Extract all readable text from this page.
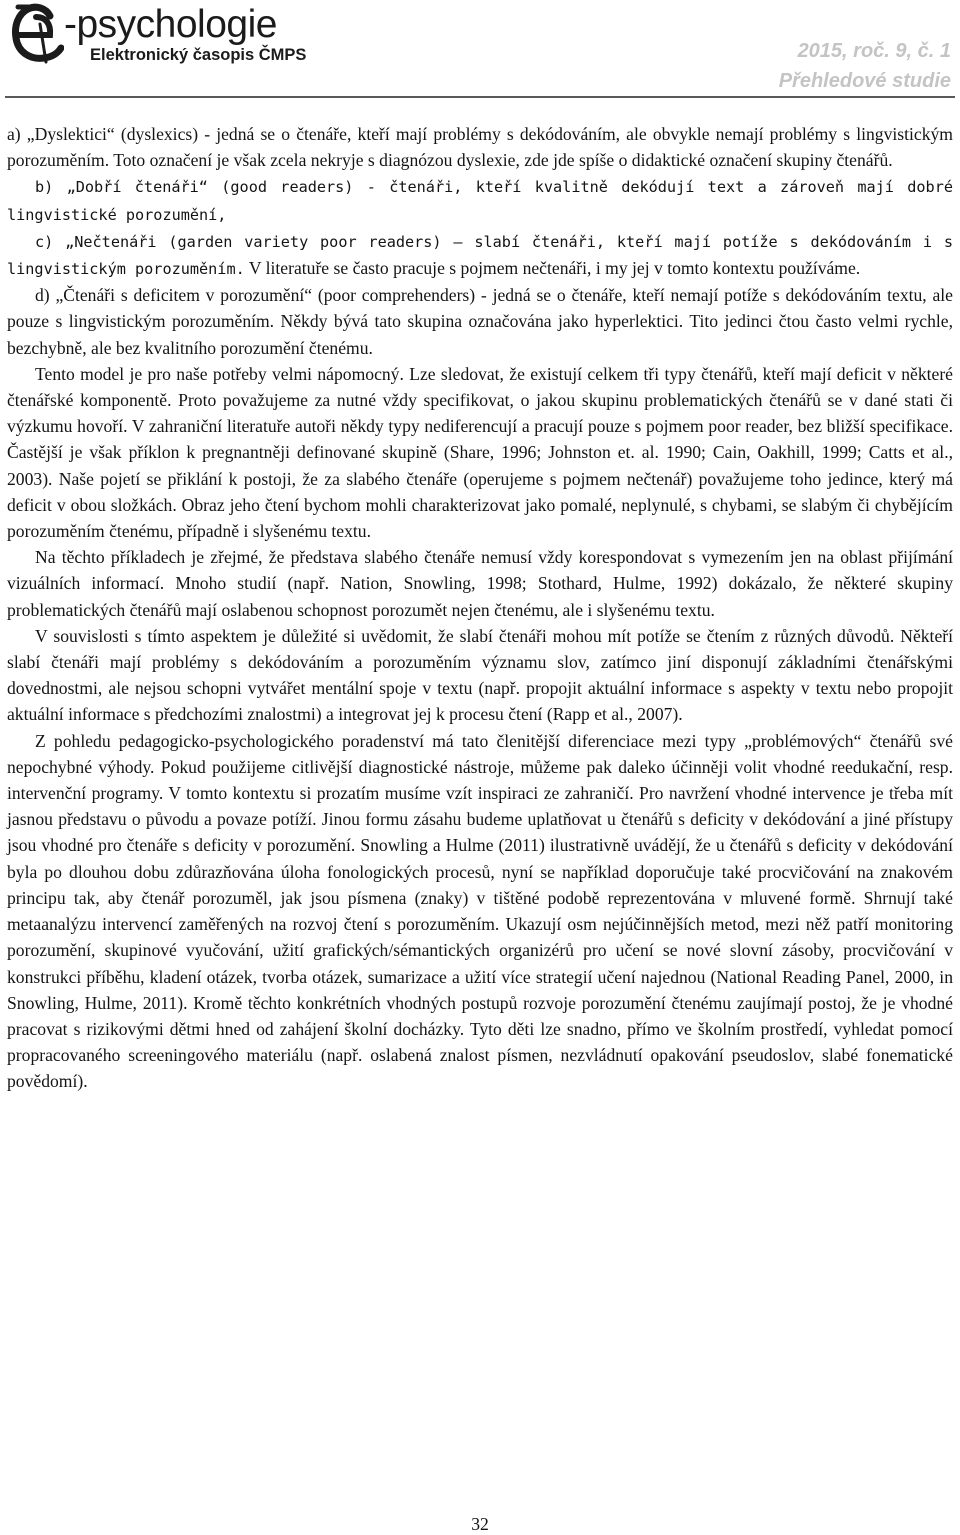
-psychologie
Elektronický časopis ČMPS	2015, roč. 9, č. 1
Přehledové studie

a) „Dyslektici“ (dyslexics) - jedná se o čtenáře, kteří mají problémy s dekódováním, ale obvykle nemají problémy s lingvistickým porozuměním. Toto označení je však zcela nekryje s diagnózou dyslexie, zde jde spíše o didaktické označení skupiny čtenářů.

b) „Dobří čtenáři“ (good readers) - čtenáři, kteří kvalitně dekódují text a zároveň mají dobré lingvistické porozumění,

c) „Nečtenáři (garden variety poor readers) – slabí čtenáři, kteří mají potíže s dekódováním i s lingvistickým porozuměním. V literatuře se často pracuje s pojmem nečtenáři, i my jej v tomto kontextu používáme.

d) „Čtenáři s deficitem v porozumění“ (poor comprehenders) - jedná se o čtenáře, kteří nemají potíže s dekódováním textu, ale pouze s lingvistickým porozuměním. Někdy bývá tato skupina označována jako hyperlektici. Tito jedinci čtou často velmi rychle, bezchybně, ale bez kvalitního porozumění čtenému.

Tento model je pro naše potřeby velmi nápomocný. Lze sledovat, že existují celkem tři typy čtenářů, kteří mají deficit v některé čtenářské komponentě. Proto považujeme za nutné vždy specifikovat, o jakou skupinu problematických čtenářů se v dané stati či výzkumu hovoří. V zahraniční literatuře autoři někdy typy nediferencují a pracují pouze s pojmem poor reader, bez bližší specifikace. Častější je však příklon k pregnantněji definované skupině (Share, 1996; Johnston et. al. 1990; Cain, Oakhill, 1999; Catts et al., 2003). Naše pojetí se přiklání k postoji, že za slabého čtenáře (operujeme s pojmem nečtenář) považujeme toho jedince, který má deficit v obou složkách. Obraz jeho čtení bychom mohli charakterizovat jako pomalé, neplynulé, s chybami, se slabým či chybějícím porozuměním čtenému, případně i slyšenému textu.

Na těchto příkladech je zřejmé, že představa slabého čtenáře nemusí vždy korespondovat s vymezením jen na oblast přijímání vizuálních informací. Mnoho studií (např. Nation, Snowling, 1998; Stothard, Hulme, 1992) dokázalo, že některé skupiny problematických čtenářů mají oslabenou schopnost porozumět nejen čtenému, ale i slyšenému textu.

V souvislosti s tímto aspektem je důležité si uvědomit, že slabí čtenáři mohou mít potíže se čtením z různých důvodů. Někteří slabí čtenáři mají problémy s dekódováním a porozuměním významu slov, zatímco jiní disponují základními čtenářskými dovednostmi, ale nejsou schopni vytvářet mentální spoje v textu (např. propojit aktuální informace s aspekty v textu nebo propojit aktuální informace s předchozími znalostmi) a integrovat jej k procesu čtení (Rapp et al., 2007).

Z pohledu pedagogicko-psychologického poradenství má tato členitější diferenciace mezi typy „problémových“ čtenářů své nepochybné výhody. Pokud použijeme citlivější diagnostické nástroje, můžeme pak daleko účinněji volit vhodné reedukační, resp. intervenční programy. V tomto kontextu si prozatím musíme vzít inspiraci ze zahraničí. Pro navržení vhodné intervence je třeba mít jasnou představu o původu a povaze potíží. Jinou formu zásahu budeme uplatňovat u čtenářů s deficity v dekódování a jiné přístupy jsou vhodné pro čtenáře s deficity v porozumění. Snowling a Hulme (2011) ilustrativně uvádějí, že u čtenářů s deficity v dekódování byla po dlouhou dobu zdůrazňována úloha fonologických procesů, nyní se například doporučuje také procvičování na znakovém principu tak, aby čtenář porozuměl, jak jsou písmena (znaky) v tištěné podobě reprezentována v mluvené formě. Shrnují také metaanalýzu intervencí zaměřených na rozvoj čtení s porozuměním. Ukazují osm nejúčinnějších metod, mezi něž patří monitoring porozumění, skupinové vyučování, užití grafických/sémantických organizérů pro učení se nové slovní zásoby, procvičování v konstrukci příběhu, kladení otázek, tvorba otázek, sumarizace a užití více strategií učení najednou (National Reading Panel, 2000, in Snowling, Hulme, 2011). Kromě těchto konkrétních vhodných postupů rozvoje porozumění čtenému zaujímají postoj, že je vhodné pracovat s rizikovými dětmi hned od zahájení školní docházky. Tyto děti lze snadno, přímo ve školním prostředí, vyhledat pomocí propracovaného screeningového materiálu (např. oslabená znalost písmen, nezvládnutí opakování pseudoslov, slabé fonematické povědomí).

32
